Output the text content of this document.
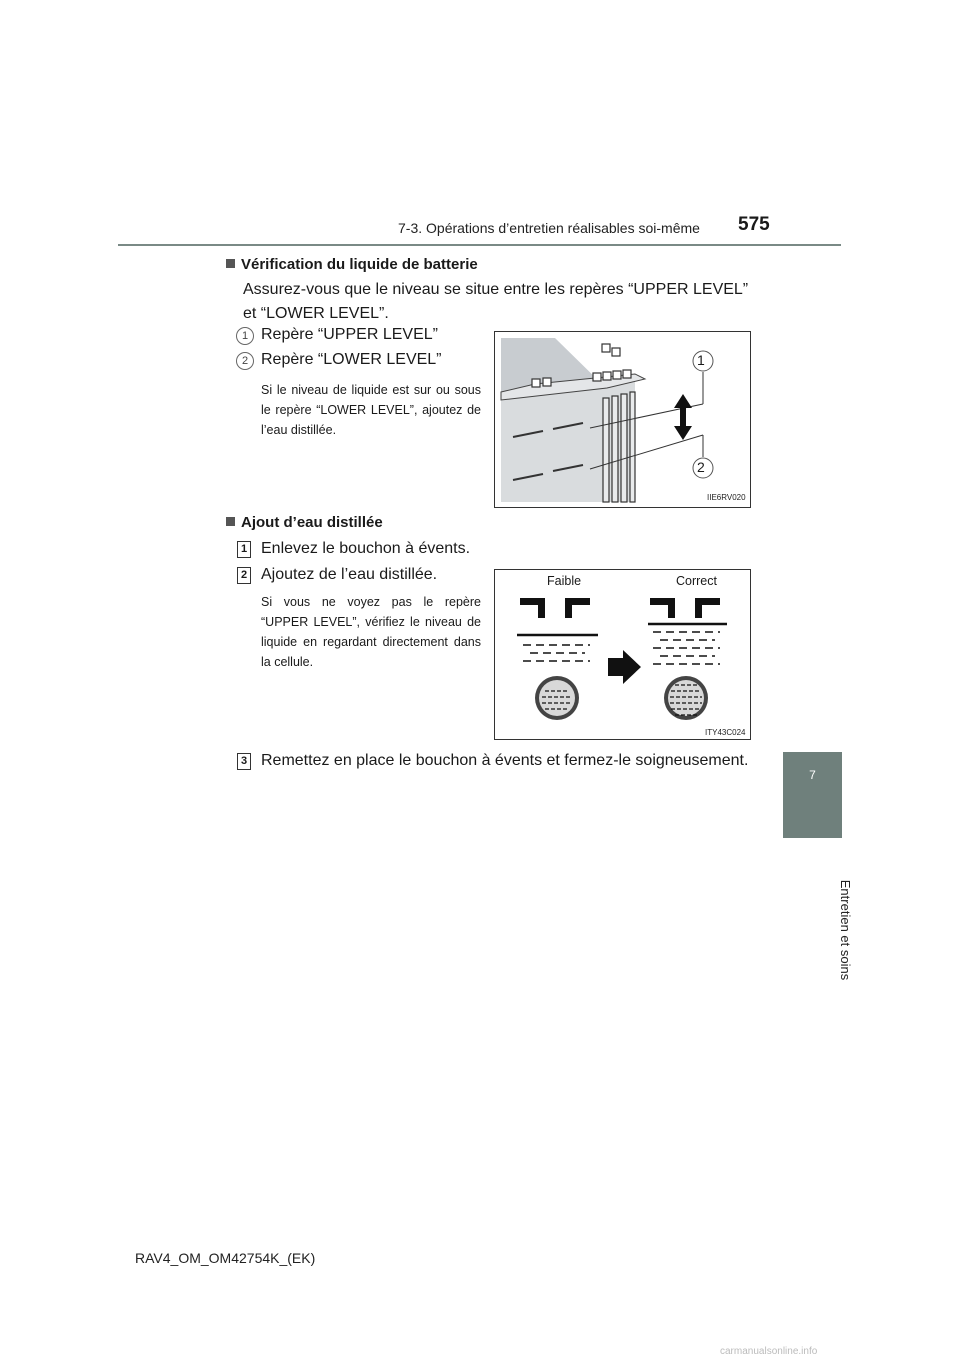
7-3. Opérations d’entretien réalisables soi-même 575
7
Entretien et soins
Vérification du liquide de batterie
Assurez-vous que le niveau se situe entre les repères “UPPER LEVEL” et “LOWER LEVEL”.
1 Repère “UPPER LEVEL”
2 Repère “LOWER LEVEL”
Si le niveau de liquide est sur ou sous le repère “LOWER LEVEL”, ajoutez de l’eau distillée.
1
2
IIE6RV020
Ajout d’eau distillée
1 Enlevez le bouchon à évents.
2 Ajoutez de l’eau distillée.
Si vous ne voyez pas le repère “UPPER LEVEL”, vérifiez le niveau de liquide en regardant directement dans la cellule.
Faible	Correct
ITY43C024
3 Remettez en place le bouchon à évents et fermez-le soigneusement.
RAV4_OM_OM42754K_(EK)
carmanualsonline.info
